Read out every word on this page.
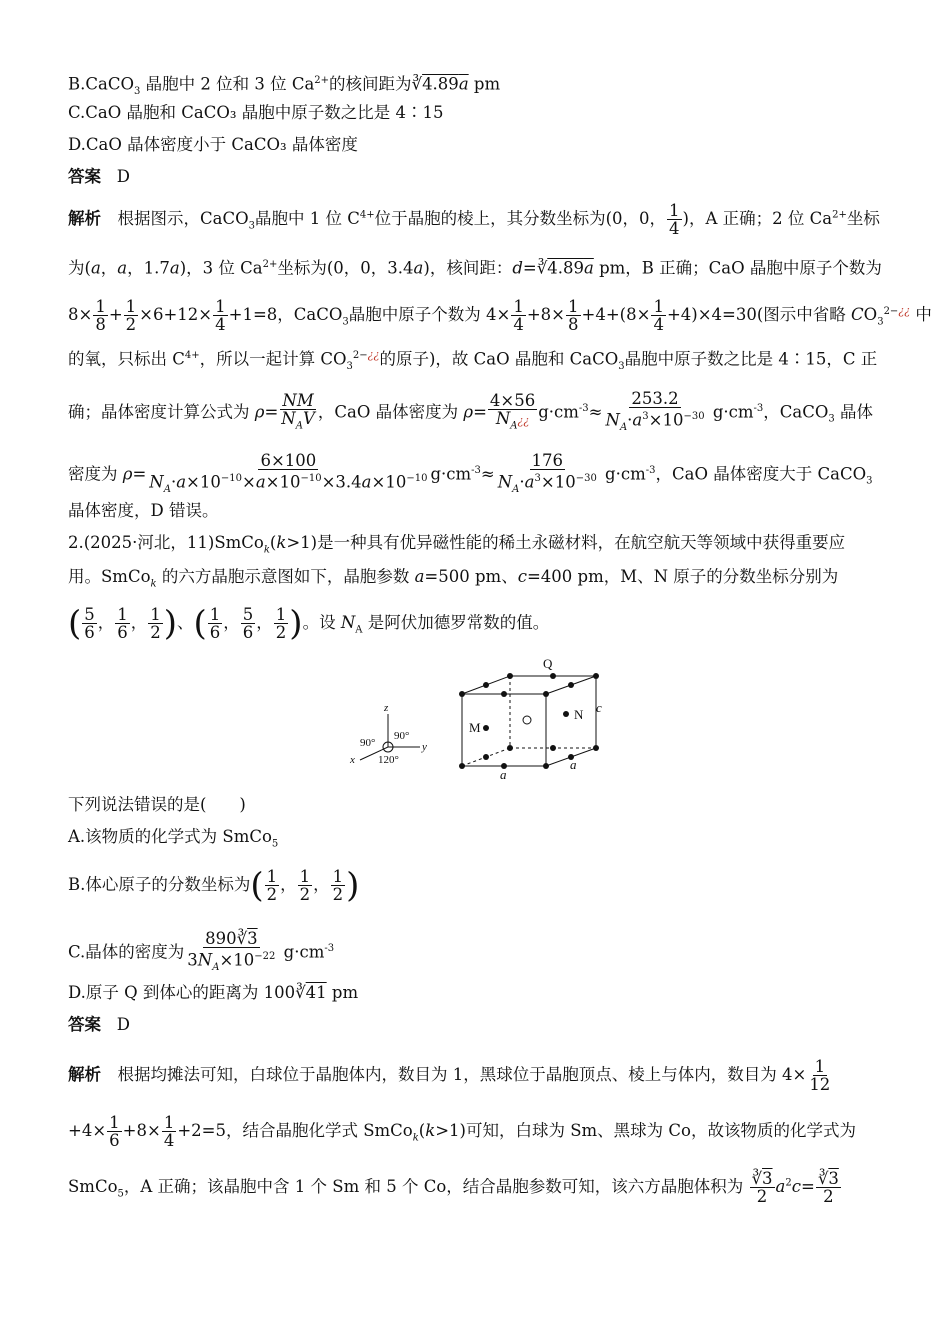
B.CaCO$_3$ 晶胞中 2 位和 3 位 $Ca^{2+}$的核间距为∛4.89a pm
C.CaO 晶胞和 CaCO₃ 晶胞中原子数之比是 4∶15
D.CaO 晶体密度小于 CaCO₃ 晶体密度
答案 D
解析　根据图示，CaCO$_3$晶胞中 1 位 $C^{4+}$位于晶胞的棱上，其分数坐标为(0，0， $\frac{1}{4}$ )，A 正确；2 位 $Ca^{2+}$坐标
为(a，a，1.7a)，3 位 $Ca^{2+}$坐标为(0，0，3.4a)，核间距：d=∛4.89a pm，B 正确；CaO 晶胞中原子个数为
$8\times \frac{1}{8} + \frac{1}{2} \times 6+12\times \frac{1}{4} +1=8$，CaCO$_3$晶胞中原子个数为 $4\times \frac{1}{4} +8\times \frac{1}{8} +4+(8\times \frac{1}{4} +4)\times 4=30$(图示中省略 $CO_3^{2-¿¿}$ 中
的氧，只标出 $C^{4+}$，所以一起计算 $CO_3^{2-¿¿}$的原子)，故 CaO 晶胞和 CaCO$_3$晶胞中原子数之比是 4∶15，C 正
确；晶体密度计算公式为 $\rho= \frac{NM}{N_AV}$ ，CaO 晶体密度为 $\rho= \frac{4\times 56}{N_A¿¿} g\cdot cm^{-3}\approx \frac{253.2}{N_A\cdot a^3\times 10^{-30}} g\cdot cm^{-3}$，CaCO$_3$ 晶体
密度为 $\rho= \frac{6\times 100}{N_A\cdot a\times 10^{-10}\times a\times 10^{-10}\times 3.4a\times 10^{-10}} g\cdot cm^{-3}\approx \frac{176}{N_A\cdot a^3\times 10^{-30}} g\cdot cm^{-3}$，CaO 晶体密度大于 CaCO$_3$
晶体密度，D 错误。
2.(2025·河北，11)SmCo$_k$(k>1)是一种具有优异磁性能的稀土永磁材料，在航空航天等领域中获得重要应
用。SmCo$_k$ 的六方晶胞示意图如下，晶胞参数 a=500 pm、c=400 pm，M、N 原子的分数坐标分别为
( $\frac{5}{6}$ ， $\frac{1}{6}$ ， $\frac{1}{2}$ )、( $\frac{1}{6}$ ， $\frac{5}{6}$ ， $\frac{1}{2}$ )。设 $N_A$ 是阿伏加德罗常数的值。
Q
M
N c
a
a
z
y
x
90°
90°
120°
下列说法错误的是(　　)
A.该物质的化学式为 SmCo$_5$
B.体心原子的分数坐标为( $\frac{1}{2}$ ， $\frac{1}{2}$ ， $\frac{1}{2}$ )
C.晶体的密度为 $\frac{890∛3}{3N_A\times 10^{-22}} g\cdot cm^{-3}$
D.原子 Q 到体心的距离为 100∛41 pm
答案 D
解析　根据均摊法可知，白球位于晶胞体内，数目为 1，黑球位于晶胞顶点、棱上与体内，数目为 $4\times \frac{1}{12}$
$+4\times \frac{1}{6} +8\times \frac{1}{4} +2=5$，结合晶胞化学式 SmCo$_k$(k>1)可知，白球为 Sm、黑球为 Co，故该物质的化学式为
SmCo$_5$，A 正确；该晶胞中含 1 个 Sm 和 5 个 Co，结合晶胞参数可知，该六方晶胞体积为 $\frac{∛3}{2} a^2c= \frac{∛3}{2}$
